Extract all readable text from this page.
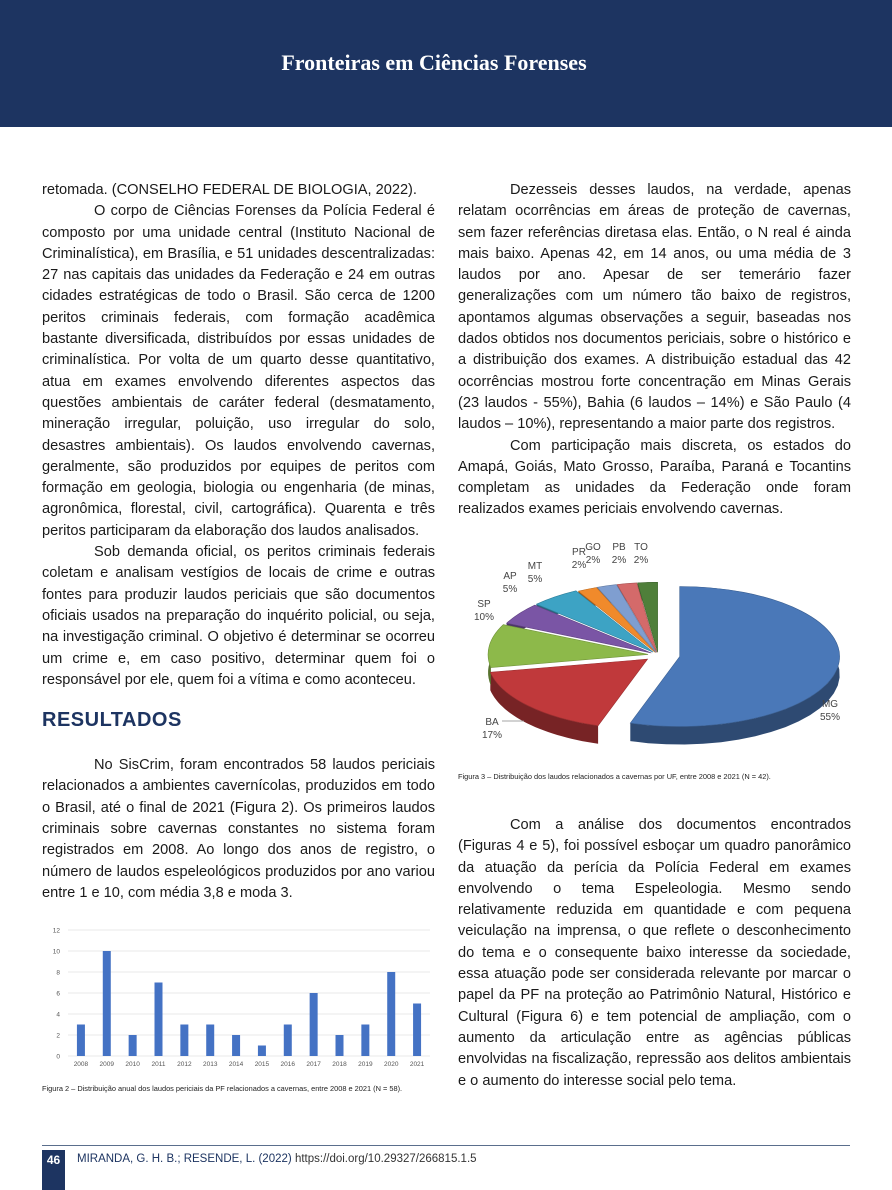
Fronteiras em Ciências Forenses

retomada. (CONSELHO FEDERAL DE BIOLOGIA, 2022).

O corpo de Ciências Forenses da Polícia Federal é composto por uma unidade central (Instituto Nacional de Criminalística), em Brasília, e 51 unidades descentralizadas: 27 nas capitais das unidades da Federação e 24 em outras cidades estratégicas de todo o Brasil. São cerca de 1200 peritos criminais federais, com formação acadêmica bastante diversificada, distribuídos por essas unidades de criminalística. Por volta de um quarto desse quantitativo, atua em exames envolvendo diferentes aspectos das questões ambientais de caráter federal (desmatamento, mineração irregular, poluição, uso irregular do solo, desastres ambientais). Os laudos envolvendo cavernas, geralmente, são produzidos por equipes de peritos com formação em geologia, biologia ou engenharia (de minas, agronômica, florestal, civil, cartográfica). Quarenta e três peritos participaram da elaboração dos laudos analisados.

Sob demanda oficial, os peritos criminais federais coletam e analisam vestígios de locais de crime e outras fontes para produzir laudos periciais que são documentos oficiais usados na preparação do inquérito policial, ou seja, na investigação criminal. O objetivo é determinar se ocorreu um crime e, em caso positivo, determinar quem foi o responsável por ele, quem foi a vítima e como aconteceu.

RESULTADOS

No SisCrim, foram encontrados 58 laudos periciais relacionados a ambientes cavernícolas, produzidos em todo o Brasil, até o final de 2021 (Figura 2). Os primeiros laudos criminais sobre cavernas constantes no sistema foram registrados em 2008. Ao longo dos anos de registro, o número de laudos espeleológicos produzidos por ano variou entre 1 e 10, com média 3,8 e moda 3.

Dezesseis desses laudos, na verdade, apenas relatam ocorrências em áreas de proteção de cavernas, sem fazer referências diretasa elas. Então, o N real é ainda mais baixo. Apenas 42, em 14 anos, ou uma média de 3 laudos por ano. Apesar de ser temerário fazer generalizações com um número tão baixo de registros, apontamos algumas observações a seguir, baseadas nos dados obtidos nos documentos periciais, sobre o histórico e a distribuição dos exames. A distribuição estadual das 42 ocorrências mostrou forte concentração em Minas Gerais (23 laudos - 55%), Bahia (6 laudos – 14%) e São Paulo (4 laudos – 10%), representando a maior parte dos registros.

Com participação mais discreta, os estados do Amapá, Goiás, Mato Grosso, Paraíba, Paraná e Tocantins completam as unidades da Federação onde foram realizados exames periciais envolvendo cavernas.

Com a análise dos documentos encontrados (Figuras 4 e 5), foi possível esboçar um quadro panorâmico da atuação da perícia da Polícia Federal em exames envolvendo o tema Espeleologia. Mesmo sendo relativamente reduzida em quantidade e com pequena veiculação na imprensa, o que reflete o desconhecimento do tema e o consequente baixo interesse da sociedade, essa atuação pode ser considerada relevante por marcar o papel da PF na proteção ao Patrimônio Natural, Histórico e Cultural (Figura 6) e tem potencial de ampliação, com o aumento da articulação entre as agências públicas envolvidas na fiscalização, repressão aos delitos ambientais e o aumento do interesse social pelo tema.

0
2
4
6
8
10
12
2008 2009 2010 2011 2012 2013 2014 2015 2016 2017 2018 2019 2020 2021
Figura 2 – Distribuição anual dos laudos periciais da PF relacionados a cavernas, entre 2008 e 2021 (N = 58).
MG
55%
BA
17%
SP
10%
AP
5%
MT
5%
PR
2%
GO
2%
PB
2%
TO
2%
Figura 3 – Distribuição dos laudos relacionados a cavernas por UF, entre 2008 e 2021 (N = 42).
46	MIRANDA, G. H. B.; RESENDE, L. (2022) https://doi.org/10.29327/266815.1.5
